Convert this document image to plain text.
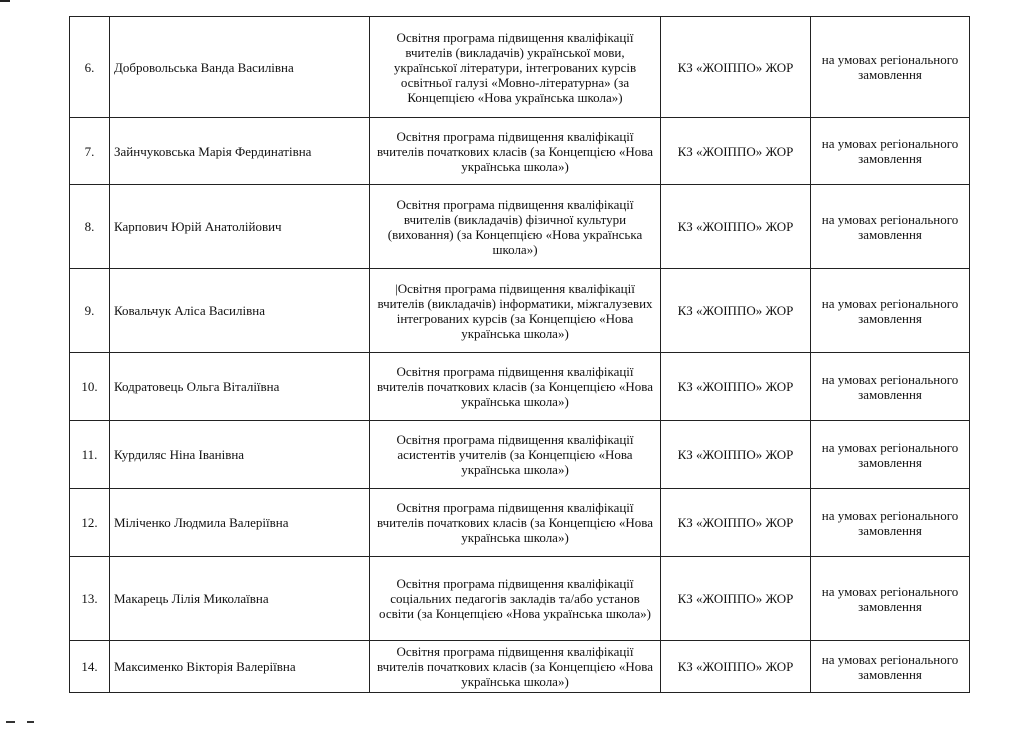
6.	Добровольська Ванда Василівна	Освітня програма підвищення кваліфікації вчителів (викладачів) української мови, української літератури, інтегрованих курсів освітньої галузі «Мовно-літературна» (за Концепцією «Нова українська школа»)	КЗ «ЖОІППО» ЖОР	на умовах регіонального замовлення
7.	Зайнчуковська Марія Фердинатівна	Освітня програма підвищення кваліфікації вчителів початкових класів (за Концепцією «Нова українська школа»)	КЗ «ЖОІППО» ЖОР	на умовах регіонального замовлення
8.	Карпович Юрій Анатолійович	Освітня програма підвищення кваліфікації вчителів (викладачів) фізичної культури (виховання) (за Концепцією «Нова українська школа»)	КЗ «ЖОІППО» ЖОР	на умовах регіонального замовлення
9.	Ковальчук Аліса Василівна	|Освітня програма підвищення кваліфікації вчителів (викладачів) інформатики, міжгалузевих інтегрованих курсів (за Концепцією «Нова українська школа»)	КЗ «ЖОІППО» ЖОР	на умовах регіонального замовлення
10.	Кодратовець Ольга Віталіївна	Освітня програма підвищення кваліфікації вчителів початкових класів (за Концепцією «Нова українська школа»)	КЗ «ЖОІППО» ЖОР	на умовах регіонального замовлення
11.	Курдиляс Ніна Іванівна	Освітня програма підвищення кваліфікації асистентів учителів (за Концепцією «Нова українська школа»)	КЗ «ЖОІППО» ЖОР	на умовах регіонального замовлення
12.	Міліченко Людмила Валеріївна	Освітня програма підвищення кваліфікації вчителів початкових класів (за Концепцією «Нова українська школа»)	КЗ «ЖОІППО» ЖОР	на умовах регіонального замовлення
13.	Макарець Лілія Миколаївна	Освітня програма підвищення кваліфікації соціальних педагогів закладів та/або установ освіти (за Концепцією «Нова українська школа»)	КЗ «ЖОІППО» ЖОР	на умовах регіонального замовлення
14.	Максименко Вікторія Валеріївна	Освітня програма підвищення кваліфікації вчителів початкових класів (за Концепцією «Нова українська школа»)	КЗ «ЖОІППО» ЖОР	на умовах регіонального замовлення
